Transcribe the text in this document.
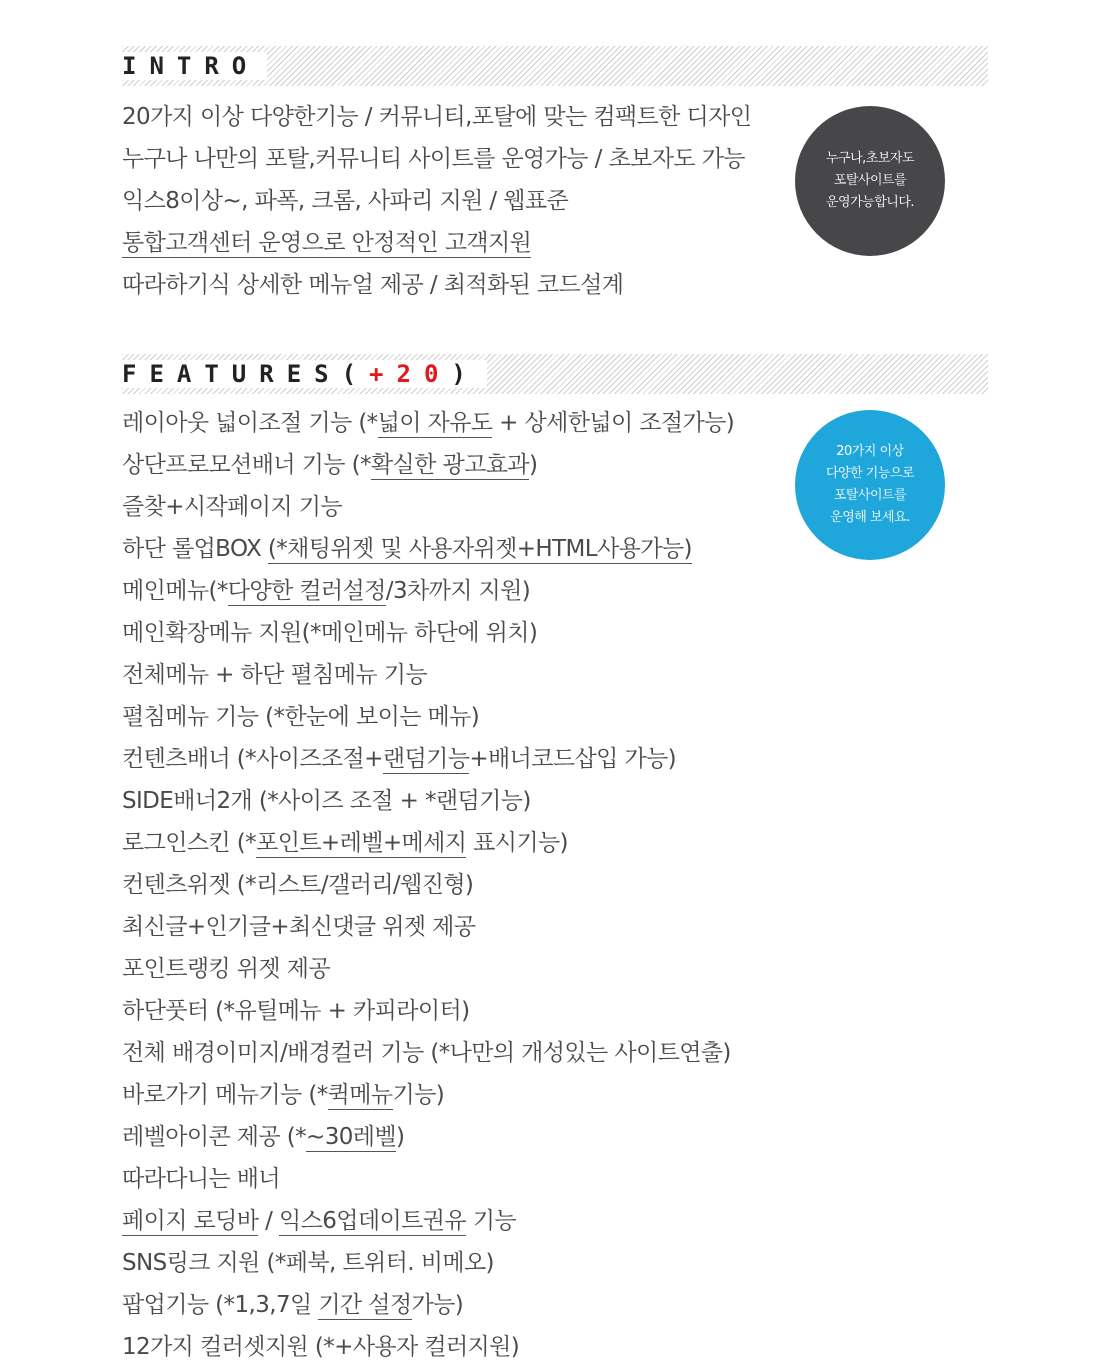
INTRO
20가지 이상 다양한기능 / 커뮤니티,포탈에 맞는 컴팩트한 디자인
누구나 나만의 포탈,커뮤니티 사이트를 운영가능 / 초보자도 가능
익스8이상~, 파폭, 크롬, 사파리 지원 / 웹표준
통합고객센터 운영으로 안정적인 고객지원
따라하기식 상세한 메뉴얼 제공 / 최적화된 코드설계
누구나,초보자도
포탈사이트를
운영가능합니다.
FEATURES(+20)
레이아웃 넓이조절 기능 (*넓이 자유도 + 상세한넓이 조절가능)
상단프로모션배너 기능 (*확실한 광고효과)
즐찾+시작페이지 기능
하단 롤업BOX (*채팅위젯 및 사용자위젯+HTML사용가능)
메인메뉴(*다양한 컬러설정/3차까지 지원)
메인확장메뉴 지원(*메인메뉴 하단에 위치)
전체메뉴 + 하단 펼침메뉴 기능
펼침메뉴 기능 (*한눈에 보이는 메뉴)
컨텐츠배너 (*사이즈조절+랜덤기능+배너코드삽입 가능)
SIDE배너2개 (*사이즈 조절 + *랜덤기능)
로그인스킨 (*포인트+레벨+메세지 표시기능)
컨텐츠위젯 (*리스트/갤러리/웹진형)
최신글+인기글+최신댓글 위젯 제공
포인트랭킹 위젯 제공
하단풋터 (*유틸메뉴 + 카피라이터)
전체 배경이미지/배경컬러 기능 (*나만의 개성있는 사이트연출)
바로가기 메뉴기능 (*퀵메뉴기능)
레벨아이콘 제공 (*~30레벨)
따라다니는 배너
페이지 로딩바 / 익스6업데이트권유 기능
SNS링크 지원 (*페북, 트위터. 비메오)
팝업기능 (*1,3,7일 기간 설정가능)
12가지 컬러셋지원 (*+사용자 컬러지원)
20가지 이상
다양한 기능으로
포탈사이트를
운영해 보세요.
